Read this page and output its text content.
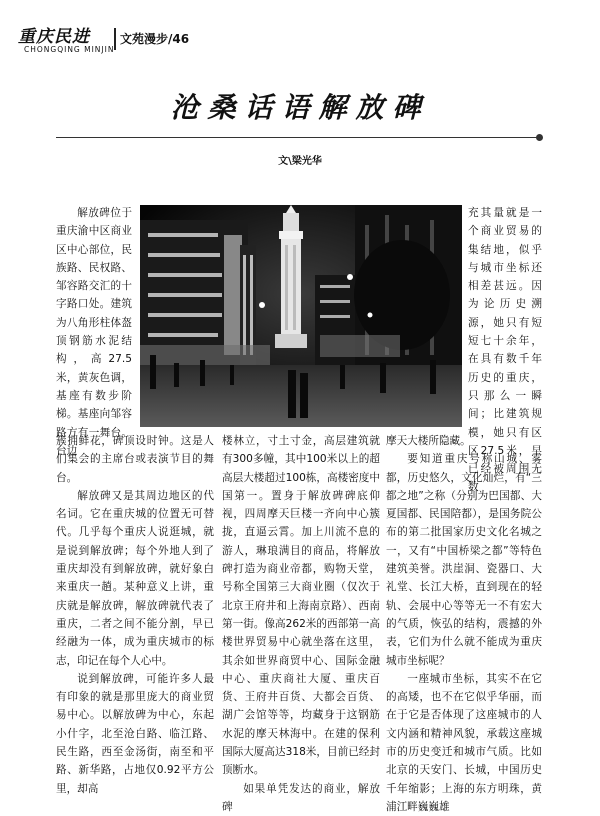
重庆民进
CHONGQING MINJIN
文苑漫步/46
沧桑话语解放碑
文\梁光华

解放碑位于重庆渝中区商业区中心部位，民族路、民权路、邹容路交汇的十字路口处。建筑为八角形柱体盔顶钢筋水泥结构，高27.5米，黄灰色调，基座有数步阶梯。基座向邹容路方有一舞台。台边

充其量就是一个商业贸易的集结地，似乎与城市坐标还相差甚远。因为论历史溯源，她只有短短七十余年，在具有数千年历史的重庆，只那么一瞬间；比建筑规模，她只有区区27.5米，早已经被周围无数

簇拥鲜花，碑顶设时钟。这是人们集会的主席台或表演节目的舞台。

解放碑又是其周边地区的代名词。它在重庆城的位置无可替代。几乎每个重庆人说逛城，就是说到解放碑；每个外地人到了重庆却没有到解放碑，就好象白来重庆一趟。某种意义上讲，重庆就是解放碑，解放碑就代表了重庆，二者之间不能分割，早已经融为一体，成为重庆城市的标志，印记在每个人心中。

说到解放碑，可能许多人最有印象的就是那里庞大的商业贸易中心。以解放碑为中心，东起小什字，北至沧白路、临江路、民生路，西至金汤街，南至和平路、新华路，占地仅0.92平方公里，却高

楼林立，寸土寸金，高层建筑就有300多幢，其中100米以上的超高层大楼超过100栋，高楼密度中国第一。置身于解放碑碑底仰视，四周摩天巨楼一齐向中心簇拢，直逼云霄。加上川流不息的游人，琳琅满目的商品，将解放碑打造为商业帝都，购物天堂，号称全国第三大商业圈（仅次于北京王府井和上海南京路）、西南第一街。像高262米的西部第一高楼世界贸易中心就坐落在这里，其余如世界商贸中心、国际金融中心、重庆商社大厦、重庆百货、王府井百货、大都会百货、湖广会馆等等，均藏身于这钢筋水泥的摩天林海中。在建的保利国际大厦高达318米，目前已经封顶断水。

如果单凭发达的商业，解放碑

摩天大楼所隐藏。

要知道重庆号称山城、雾都，历史悠久，文化灿烂，有“三都之地”之称（分别为巴国都、大夏国都、民国陪都），是国务院公布的第二批国家历史文化名城之一，又有“中国桥梁之都”等特色建筑美誉。洪崖洞、瓷器口、大礼堂、长江大桥，直到现在的轻轨、会展中心等等无一不有宏大的气质，恢弘的结构，震撼的外表，它们为什么就不能成为重庆城市坐标呢？

一座城市坐标，其实不在它的高矮，也不在它似乎华丽，而在于它是否体现了这座城市的人文内涵和精神风貌，承载这座城市的历史变迁和城市气质。比如北京的天安门、长城，中国历史千年缩影；上海的东方明珠，黄浦江畔巍巍雄
